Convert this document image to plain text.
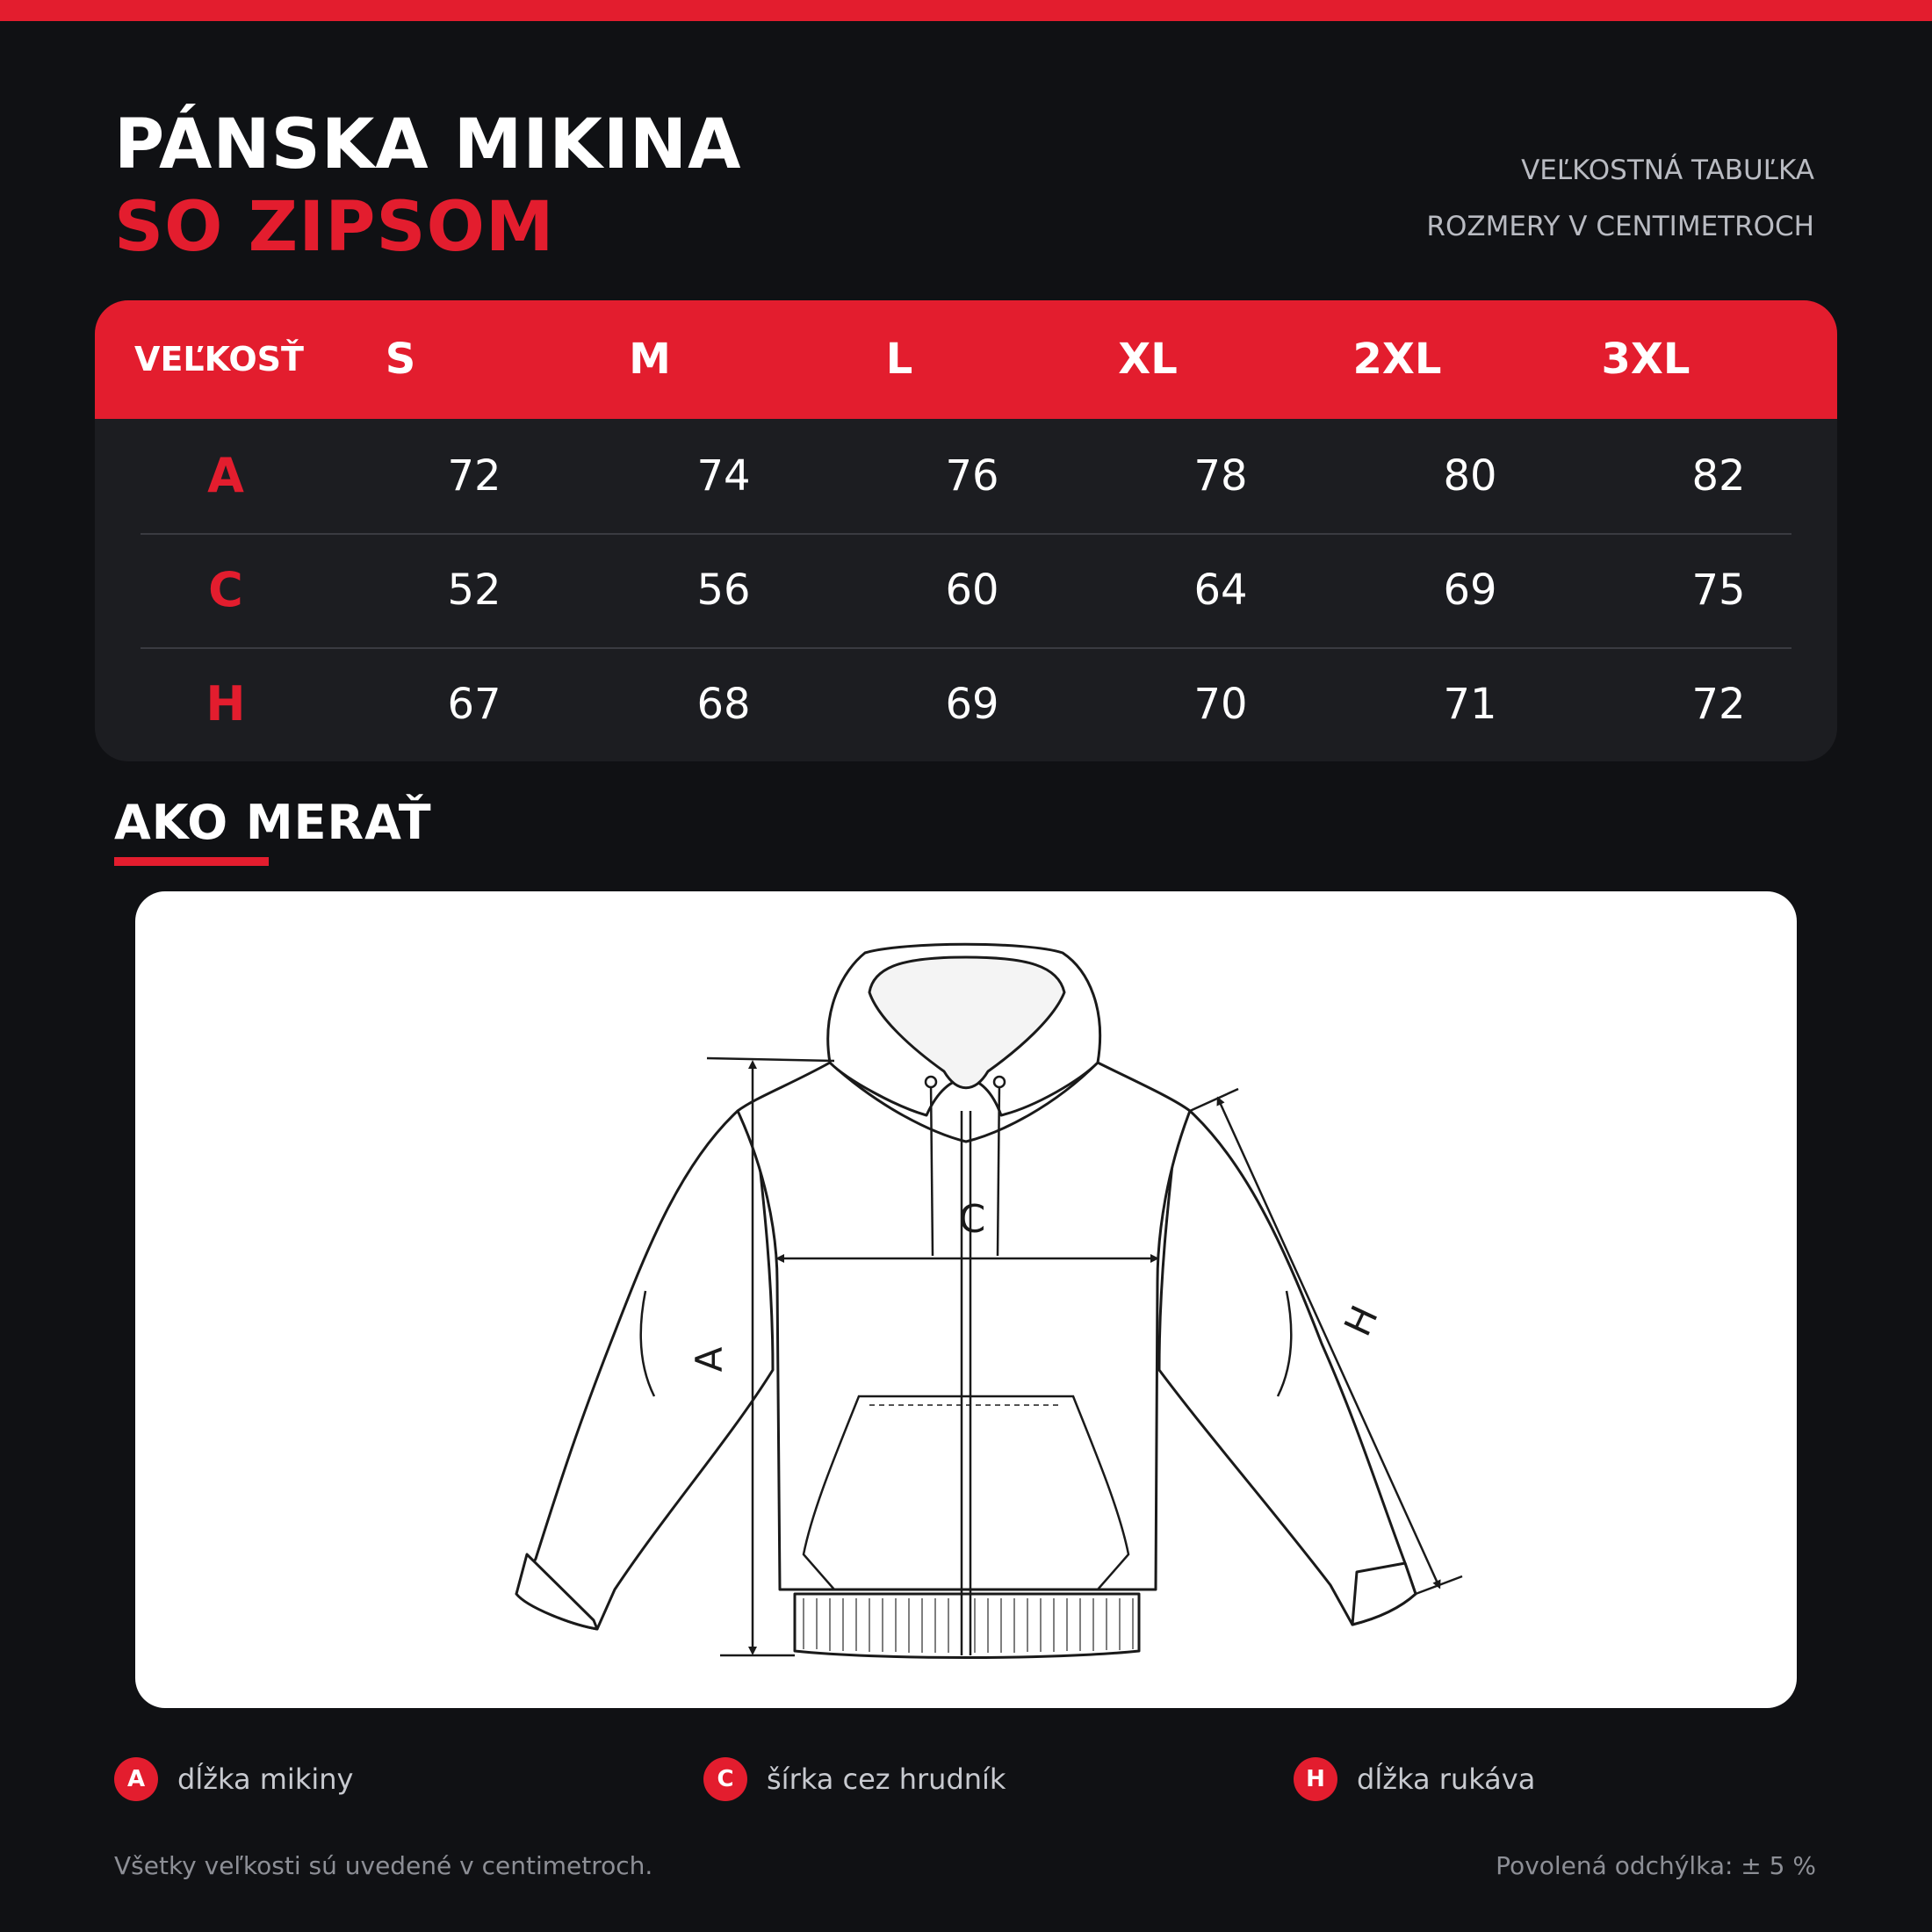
PÁNSKA MIKINA
SO ZIPSOM
VEĽKOSTNÁ TABUĽKA
ROZMERY V CENTIMETROCH
VEĽKOSŤ	S	M	L	XL	2XL	3XL
A	72	74	76	78	80	82
C	52	56	60	64	69	75
H	67	68	69	70	71	72
AKO MERAŤ
A
C
H
A	dĺžka mikiny	C	šírka cez hrudník	H	dĺžka rukáva
Všetky veľkosti sú uvedené v centimetroch.	Povolená odchýlka: ± 5 %
